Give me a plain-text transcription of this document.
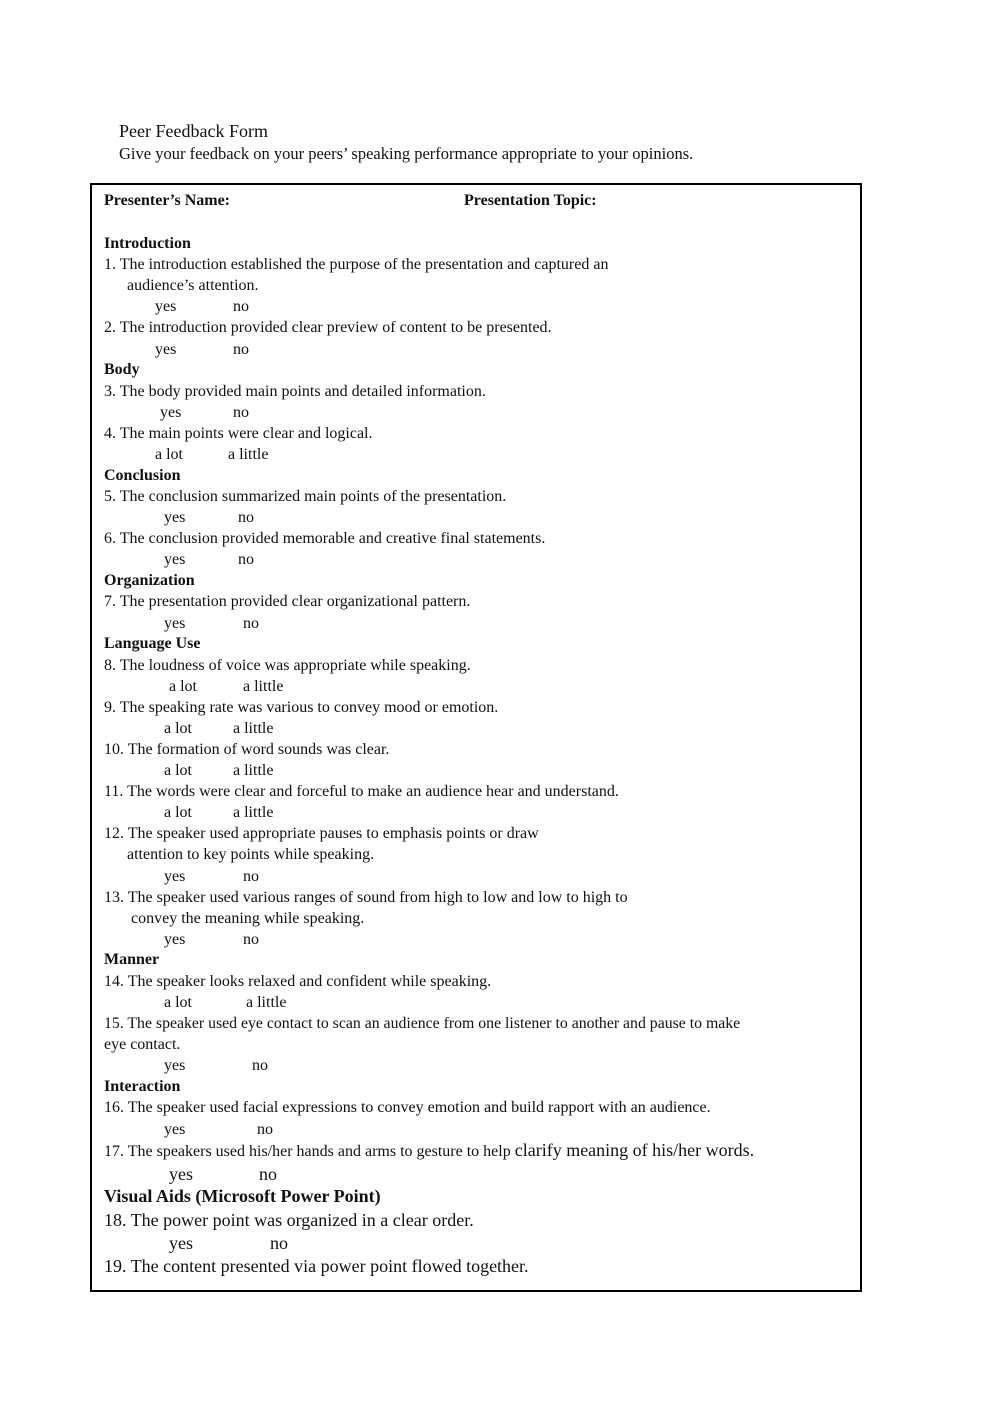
Peer Feedback Form
Give your feedback on your peers’ speaking performance appropriate to your opinions.
Presenter’s Name:	Presentation Topic:
Introduction
1. The introduction established the purpose of the presentation and captured an
audience’s attention.
yes	no
2. The introduction provided clear preview of content to be presented.
yes	no
Body
3. The body provided main points and detailed information.
yes	no
4. The main points were clear and logical.
a lot	a little
Conclusion
5. The conclusion summarized main points of the presentation.
yes	no
6. The conclusion provided memorable and creative final statements.
yes	no
Organization
7. The presentation provided clear organizational pattern.
yes	no
Language Use
8. The loudness of voice was appropriate while speaking.
a lot	a little
9. The speaking rate was various to convey mood or emotion.
a lot	a little
10. The formation of word sounds was clear.
a lot	a little
11. The words were clear and forceful to make an audience hear and understand.
a lot	a little
12. The speaker used appropriate pauses to emphasis points or draw
attention to key points while speaking.
yes	no
13. The speaker used various ranges of sound from high to low and low to high to
convey the meaning while speaking.
yes	no
Manner
14. The speaker looks relaxed and confident while speaking.
a lot	a little
15. The speaker used eye contact to scan an audience from one listener to another and pause to make
eye contact.
yes	no
Interaction
16. The speaker used facial expressions to convey emotion and build rapport with an audience.
yes	no
17. The speakers used his/her hands and arms to gesture to help clarify meaning of his/her words.
yes	no
Visual Aids (Microsoft Power Point)
18. The power point was organized in a clear order.
yes	no
19. The content presented via power point flowed together.
